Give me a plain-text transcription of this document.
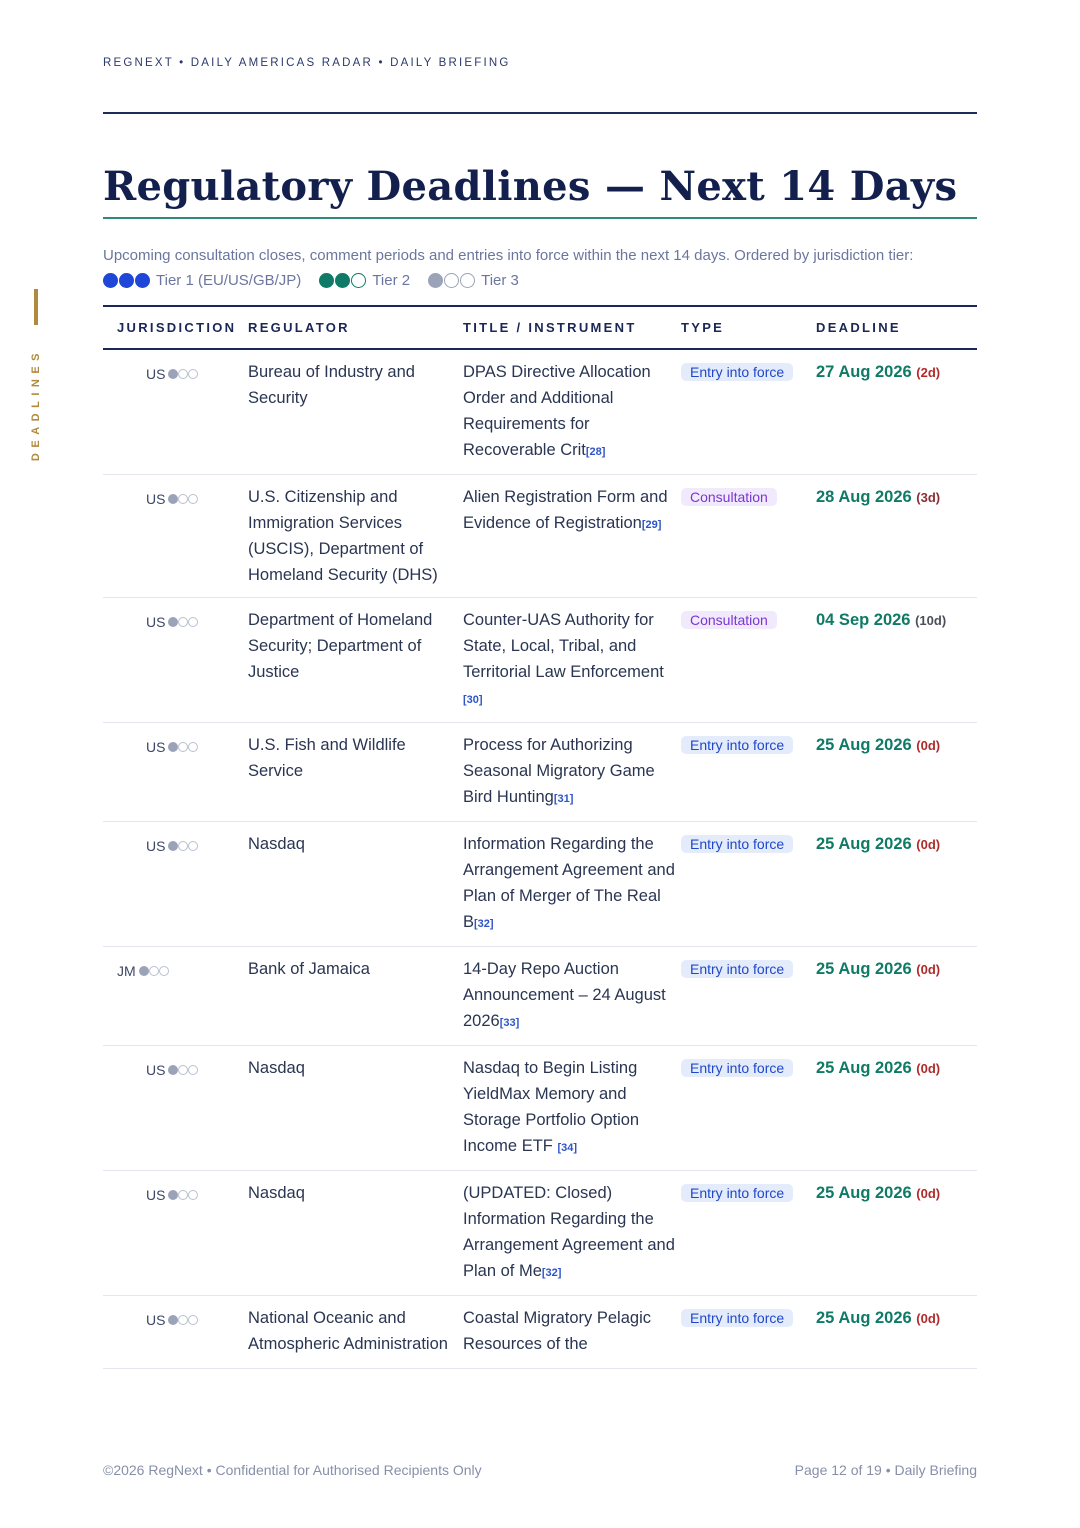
REGNEXT • DAILY AMERICAS RADAR • DAILY BRIEFING
DEADLINES
Regulatory Deadlines — Next 14 Days
Upcoming consultation closes, comment periods and entries into force within the next 14 days. Ordered by jurisdiction tier:
Tier 1 (EU/US/GB/JP)	Tier 2	Tier 3
JURISDICTION	REGULATOR	TITLE / INSTRUMENT	TYPE	DEADLINE

US	Bureau of Industry and Security	DPAS Directive Allocation Order and Additional Requirements for Recoverable Crit[28]	Entry into force	27 Aug 2026 (2d)

US	U.S. Citizenship and Immigration Services (USCIS), Department of Homeland Security (DHS)	Alien Registration Form and Evidence of Registration[29]	Consultation	28 Aug 2026 (3d)

US	Department of Homeland Security; Department of Justice	Counter-UAS Authority for State, Local, Tribal, and Territorial Law Enforcement [30]	Consultation	04 Sep 2026 (10d)

US	U.S. Fish and Wildlife Service	Process for Authorizing Seasonal Migratory Game Bird Hunting[31]	Entry into force	25 Aug 2026 (0d)

US	Nasdaq	Information Regarding the Arrangement Agreement and Plan of Merger of The Real B[32]	Entry into force	25 Aug 2026 (0d)

JM	Bank of Jamaica	14-Day Repo Auction Announcement – 24 August 2026[33]	Entry into force	25 Aug 2026 (0d)

US	Nasdaq	Nasdaq to Begin Listing YieldMax Memory and Storage Portfolio Option Income ETF [34]	Entry into force	25 Aug 2026 (0d)

US	Nasdaq	(UPDATED: Closed) Information Regarding the Arrangement Agreement and Plan of Me[32]	Entry into force	25 Aug 2026 (0d)

US	National Oceanic and Atmospheric Administration	Coastal Migratory Pelagic Resources of the	Entry into force	25 Aug 2026 (0d)
©2026 RegNext • Confidential for Authorised Recipients Only	Page 12 of 19 • Daily Briefing
